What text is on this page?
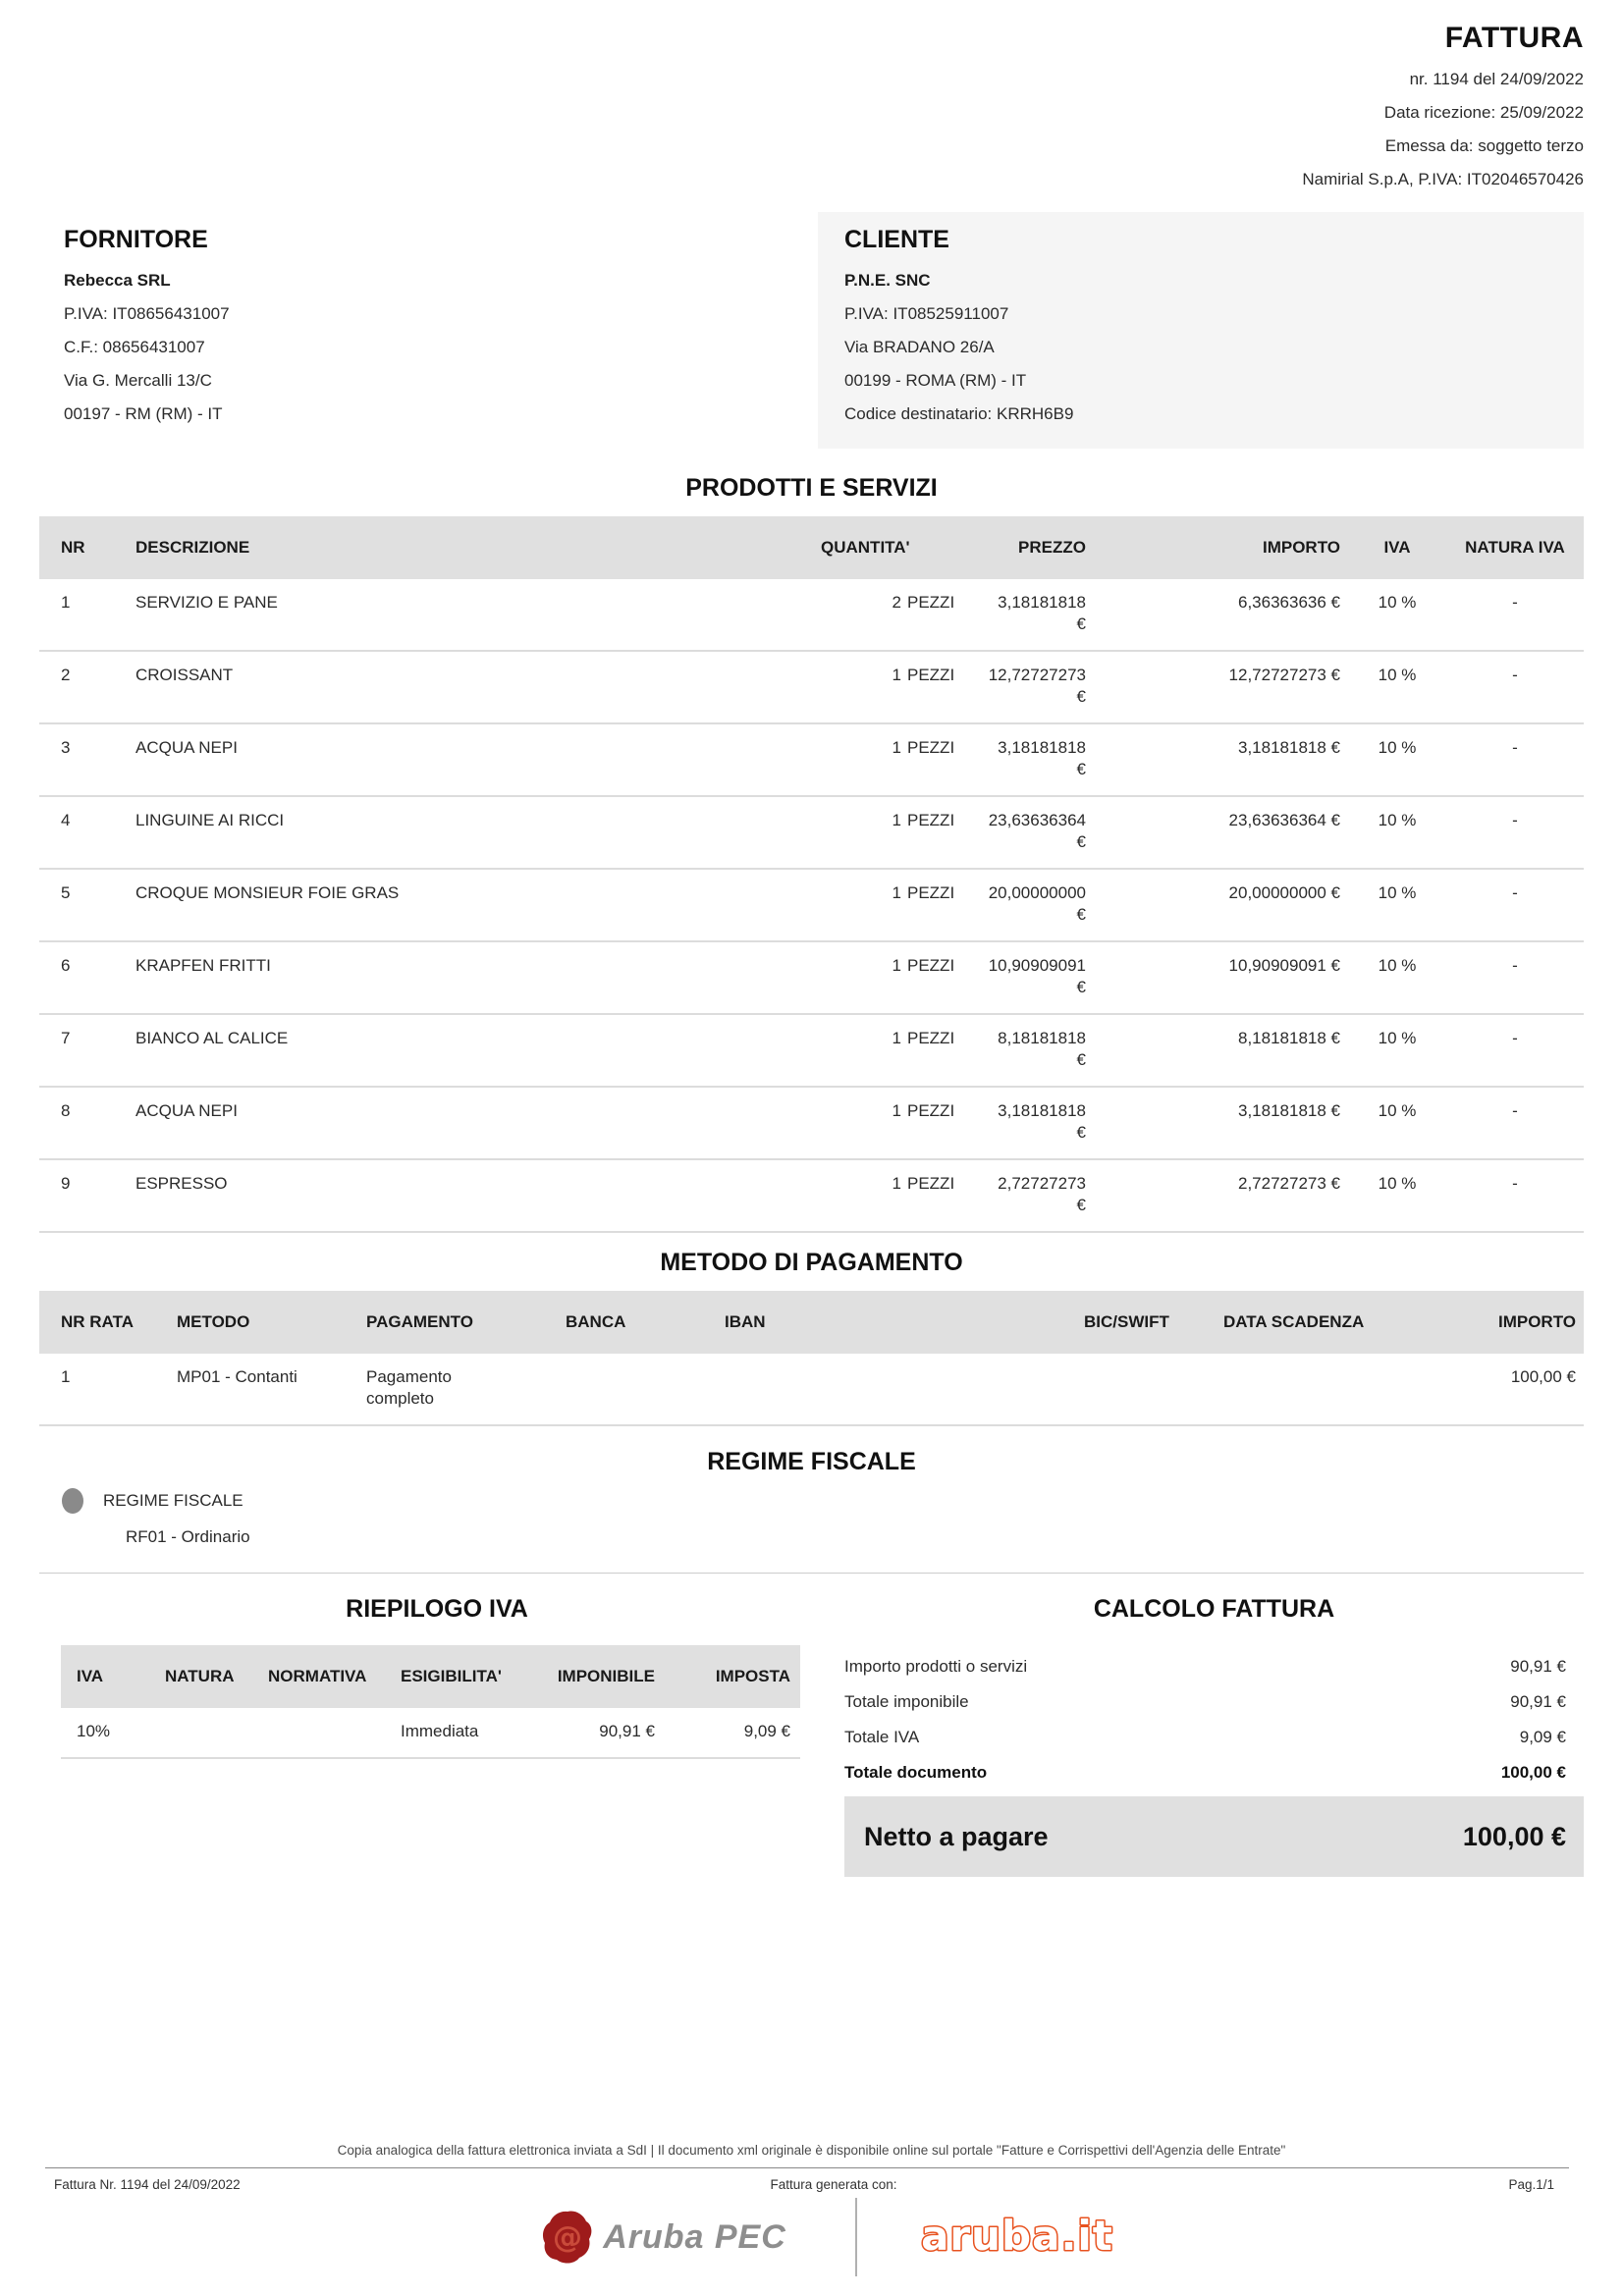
FATTURA
nr. 1194 del 24/09/2022
Data ricezione: 25/09/2022
Emessa da: soggetto terzo
Namirial S.p.A, P.IVA: IT02046570426
FORNITORE
Rebecca SRL
P.IVA: IT08656431007
C.F.: 08656431007
Via G. Mercalli 13/C
00197 - RM (RM) - IT
CLIENTE
P.N.E. SNC
P.IVA: IT08525911007
Via BRADANO 26/A
00199 - ROMA (RM) - IT
Codice destinatario: KRRH6B9
PRODOTTI E SERVIZI
NR	DESCRIZIONE	QUANTITA'	PREZZO	IMPORTO	IVA	NATURA IVA
1	SERVIZIO E PANE	2 PEZZI	3,18181818 €	6,36363636 €	10 %	-
2	CROISSANT	1 PEZZI	12,72727273 €	12,72727273 €	10 %	-
3	ACQUA NEPI	1 PEZZI	3,18181818 €	3,18181818 €	10 %	-
4	LINGUINE AI RICCI	1 PEZZI	23,63636364 €	23,63636364 €	10 %	-
5	CROQUE MONSIEUR FOIE GRAS	1 PEZZI	20,00000000 €	20,00000000 €	10 %	-
6	KRAPFEN FRITTI	1 PEZZI	10,90909091 €	10,90909091 €	10 %	-
7	BIANCO AL CALICE	1 PEZZI	8,18181818 €	8,18181818 €	10 %	-
8	ACQUA NEPI	1 PEZZI	3,18181818 €	3,18181818 €	10 %	-
9	ESPRESSO	1 PEZZI	2,72727273 €	2,72727273 €	10 %	-
METODO DI PAGAMENTO
NR RATA	METODO	PAGAMENTO	BANCA	IBAN	BIC/SWIFT	DATA SCADENZA	IMPORTO
1	MP01 - Contanti	Pagamento completo					100,00 €
REGIME FISCALE
REGIME FISCALE
RF01 - Ordinario
RIEPILOGO IVA
IVA	NATURA	NORMATIVA	ESIGIBILITA'	IMPONIBILE	IMPOSTA
10%			Immediata	90,91 €	9,09 €
CALCOLO FATTURA
Importo prodotti o servizi	90,91 €
Totale imponibile	90,91 €
Totale IVA	9,09 €
Totale documento	100,00 €
Netto a pagare	100,00 €
Copia analogica della fattura elettronica inviata a SdI | Il documento xml originale è disponibile online sul portale "Fatture e Corrispettivi dell'Agenzia delle Entrate"
Fattura Nr. 1194 del 24/09/2022	Fattura generata con:	Pag.1/1
@ Aruba PEC	aruba.it
